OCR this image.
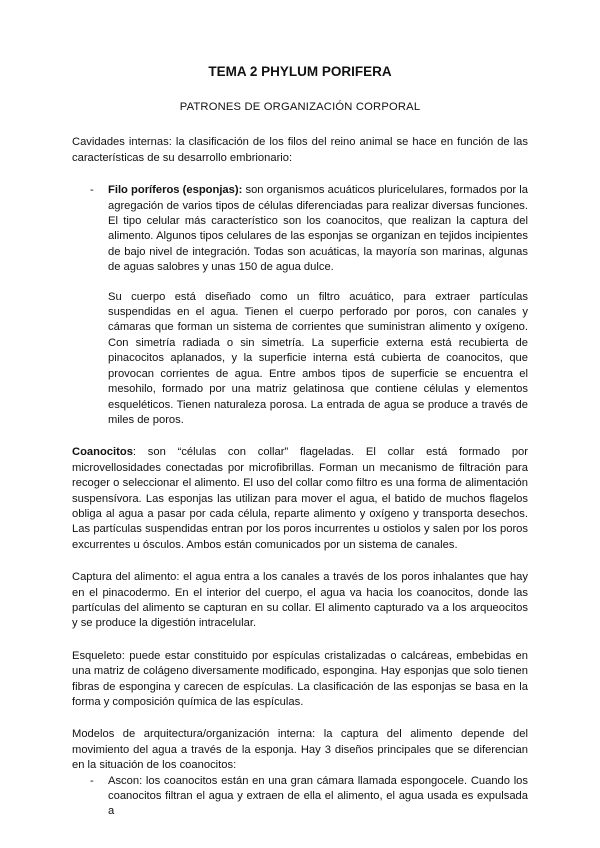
TEMA 2 PHYLUM PORIFERA
PATRONES DE ORGANIZACIÓN CORPORAL

Cavidades internas: la clasificación de los filos del reino animal se hace en función de las características de su desarrollo embrionario:

- Filo poríferos (esponjas): son organismos acuáticos pluricelulares, formados por la agregación de varios tipos de células diferenciadas para realizar diversas funciones. El tipo celular más característico son los coanocitos, que realizan la captura del alimento. Algunos tipos celulares de las esponjas se organizan en tejidos incipientes de bajo nivel de integración. Todas son acuáticas, la mayoría son marinas, algunas de aguas salobres y unas 150 de agua dulce.

Su cuerpo está diseñado como un filtro acuático, para extraer partículas suspendidas en el agua. Tienen el cuerpo perforado por poros, con canales y cámaras que forman un sistema de corrientes que suministran alimento y oxígeno. Con simetría radiada o sin simetría. La superficie externa está recubierta de pinacocitos aplanados, y la superficie interna está cubierta de coanocitos, que provocan corrientes de agua. Entre ambos tipos de superficie se encuentra el mesohilo, formado por una matriz gelatinosa que contiene células y elementos esqueléticos. Tienen naturaleza porosa. La entrada de agua se produce a través de miles de poros.

Coanocitos: son “células con collar” flageladas. El collar está formado por microvellosidades conectadas por microfibrillas. Forman un mecanismo de filtración para recoger o seleccionar el alimento. El uso del collar como filtro es una forma de alimentación suspensívora. Las esponjas las utilizan para mover el agua, el batido de muchos flagelos obliga al agua a pasar por cada célula, reparte alimento y oxígeno y transporta desechos. Las partículas suspendidas entran por los poros incurrentes u ostiolos y salen por los poros excurrentes u ósculos. Ambos están comunicados por un sistema de canales.

Captura del alimento: el agua entra a los canales a través de los poros inhalantes que hay en el pinacodermo. En el interior del cuerpo, el agua va hacia los coanocitos, donde las partículas del alimento se capturan en su collar. El alimento capturado va a los arqueocitos y se produce la digestión intracelular.

Esqueleto: puede estar constituido por espículas cristalizadas o calcáreas, embebidas en una matriz de colágeno diversamente modificado, espongina. Hay esponjas que solo tienen fibras de espongina y carecen de espículas. La clasificación de las esponjas se basa en la forma y composición química de las espículas.

Modelos de arquitectura/organización interna: la captura del alimento depende del movimiento del agua a través de la esponja. Hay 3 diseños principales que se diferencian en la situación de los coanocitos:

- Ascon: los coanocitos están en una gran cámara llamada espongocele. Cuando los coanocitos filtran el agua y extraen de ella el alimento, el agua usada es expulsada a
